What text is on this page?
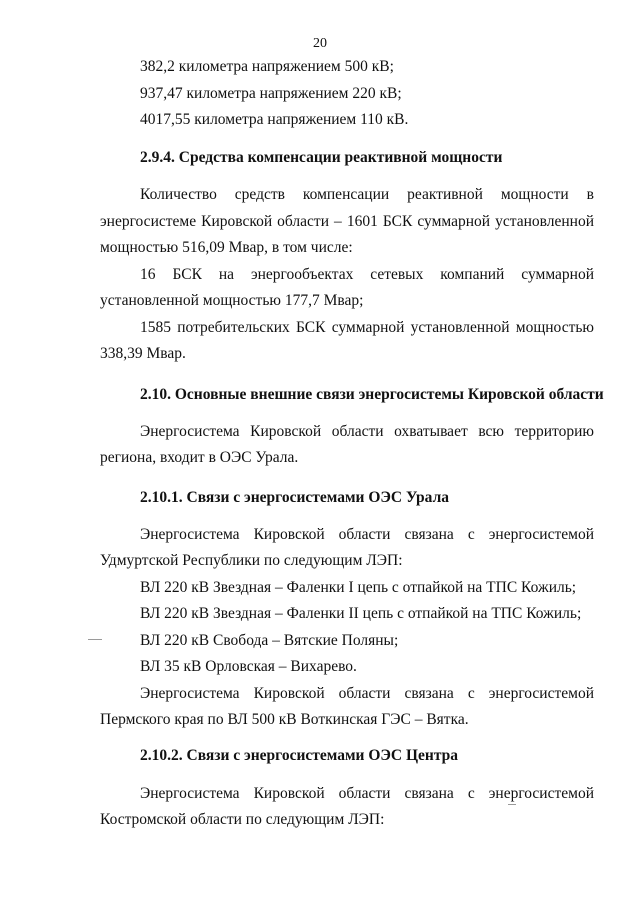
20
382,2 километра напряжением 500 кВ;
937,47 километра напряжением 220 кВ;
4017,55 километра напряжением 110 кВ.
2.9.4. Средства компенсации реактивной мощности
Количество средств компенсации реактивной мощности в
энергосистеме Кировской области – 1601 БСК суммарной установленной
мощностью 516,09 Мвар, в том числе:
16 БСК на энергообъектах сетевых компаний суммарной
установленной мощностью 177,7 Мвар;
1585 потребительских БСК суммарной установленной мощностью
338,39 Мвар.
2.10. Основные внешние связи энергосистемы Кировской области
Энергосистема Кировской области охватывает всю территорию
региона, входит в ОЭС Урала.
2.10.1. Связи с энергосистемами ОЭС Урала
Энергосистема Кировской области связана с энергосистемой
Удмуртской Республики по следующим ЛЭП:
ВЛ 220 кВ Звездная – Фаленки I цепь с отпайкой на ТПС Кожиль;
ВЛ 220 кВ Звездная – Фаленки II цепь с отпайкой на ТПС Кожиль;
ВЛ 220 кВ Свобода – Вятские Поляны;
ВЛ 35 кВ Орловская – Вихарево.
Энергосистема Кировской области связана с энергосистемой
Пермского края по ВЛ 500 кВ Воткинская ГЭС – Вятка.
2.10.2. Связи с энергосистемами ОЭС Центра
Энергосистема Кировской области связана с энергосистемой
Костромской области по следующим ЛЭП:
